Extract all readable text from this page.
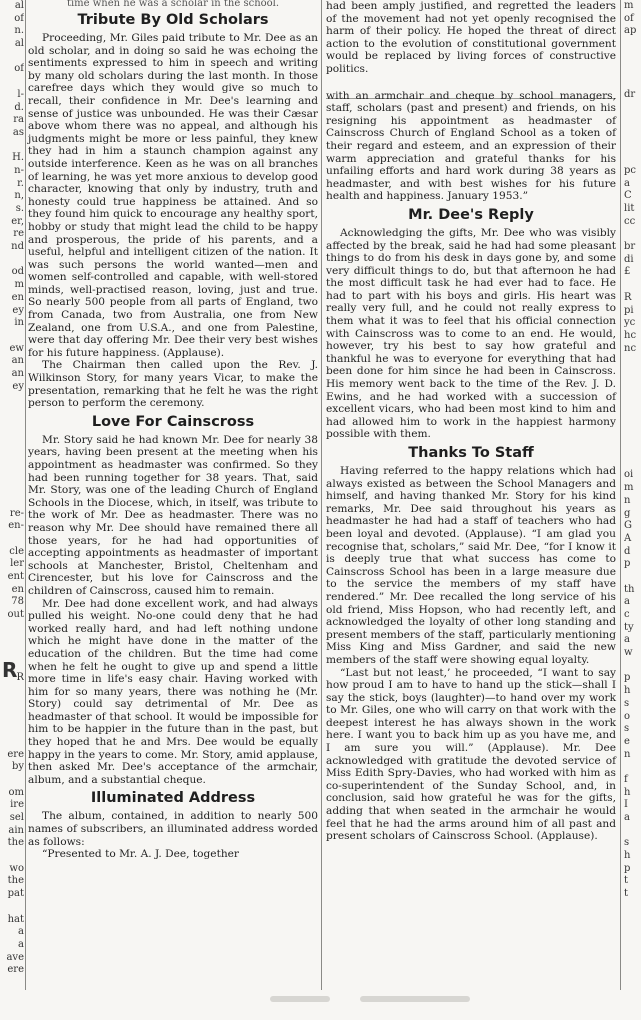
al
of
n.
al
of
l-
d.
ra
as
H.
n-
r.
n,
s.
er,
re
nd
od
m
en
ey
in
ew
an
an
ey
re-
en-
cle
ler
ent
en
78
out
R
ere
by
om
ire
sel
ain
the
wo
the
pat
hat
a
a
ave
ere
R
time when he was a scholar in the school.
Tribute By Old Scholars

Proceeding, Mr. Giles paid tribute to Mr. Dee as an old scholar, and in doing so said he was echoing the sentiments expressed to him in speech and writing by many old scholars during the last month. In those carefree days which they would give so much to recall, their confidence in Mr. Dee's learning and sense of justice was unbounded. He was their Cæsar above whom there was no appeal, and although his judgments might be more or less painful, they knew they had in him a staunch champion against any outside interference. Keen as he was on all branches of learning, he was yet more anxious to develop good character, knowing that only by industry, truth and honesty could true happiness be attained. And so they found him quick to encourage any healthy sport, hobby or study that might lead the child to be happy and prosperous, the pride of his parents, and a useful, helpful and intelligent citizen of the nation. It was such persons the world wanted—men and women self-controlled and capable, with well-stored minds, well-practised reason, loving, just and true. So nearly 500 people from all parts of England, two from Canada, two from Australia, one from New Zealand, one from U.S.A., and one from Palestine, were that day offering Mr. Dee their very best wishes for his future happiness. (Applause).

The Chairman then called upon the Rev. J. Wilkinson Story, for many years Vicar, to make the presentation, remarking that he felt he was the right person to perform the ceremony.

Love For Cainscross

Mr. Story said he had known Mr. Dee for nearly 38 years, having been present at the meeting when his appointment as headmaster was confirmed. So they had been running together for 38 years. That, said Mr. Story, was one of the leading Church of England Schools in the Diocese, which, in itself, was tribute to the work of Mr. Dee as headmaster. There was no reason why Mr. Dee should have remained there all those years, for he had had opportunities of accepting appointments as headmaster of important schools at Manchester, Bristol, Cheltenham and Cirencester, but his love for Cainscross and the children of Cainscross, caused him to remain.

Mr. Dee had done excellent work, and had always pulled his weight. No-one could deny that he had worked really hard, and had left nothing undone which he might have done in the matter of the education of the children. But the time had come when he felt he ought to give up and spend a little more time in life's easy chair. Having worked with him for so many years, there was nothing he (Mr. Story) could say detrimental of Mr. Dee as headmaster of that school. It would be impossible for him to be happier in the future than in the past, but they hoped that he and Mrs. Dee would be equally happy in the years to come. Mr. Story, amid applause, then asked Mr. Dee's acceptance of the armchair, album, and a substantial cheque.

Illuminated Address

The album, contained, in addition to nearly 500 names of subscribers, an illuminated address worded as follows:

“Presented to Mr. A. J. Dee, together

had been amply justified, and regretted the leaders of the movement had not yet openly recognised the harm of their policy. He hoped the threat of direct action to the evolution of constitutional government would be replaced by living forces of constructive politics.

with an armchair and cheque by school managers, staff, scholars (past and present) and friends, on his resigning his appointment as headmaster of Cainscross Church of England School as a token of their regard and esteem, and an expression of their warm appreciation and grateful thanks for his unfailing efforts and hard work during 38 years as headmaster, and with best wishes for his future health and happiness. January 1953.”

Mr. Dee's Reply

Acknowledging the gifts, Mr. Dee who was visibly affected by the break, said he had had some pleasant things to do from his desk in days gone by, and some very difficult things to do, but that afternoon he had the most difficult task he had ever had to face. He had to part with his boys and girls. His heart was really very full, and he could not really express to them what it was to feel that his official connection with Cainscross was to come to an end. He would, however, try his best to say how grateful and thankful he was to everyone for everything that had been done for him since he had been in Cainscross. His memory went back to the time of the Rev. J. D. Ewins, and he had worked with a succession of excellent vicars, who had been most kind to him and had allowed him to work in the happiest harmony possible with them.

Thanks To Staff

Having referred to the happy relations which had always existed as between the School Managers and himself, and having thanked Mr. Story for his kind remarks, Mr. Dee said throughout his years as headmaster he had had a staff of teachers who had been loyal and devoted. (Applause). “I am glad you recognise that, scholars,” said Mr. Dee, “for I know it is deeply true that what success has come to Cainscross School has been in a large measure due to the service the members of my staff have rendered.” Mr. Dee recalled the long service of his old friend, Miss Hopson, who had recently left, and acknowledged the loyalty of other long standing and present members of the staff, particularly mentioning Miss King and Miss Gardner, and said the new members of the staff were showing equal loyalty.

“Last but not least,’ he proceeded, “I want to say how proud I am to have to hand up the stick—shall I say the stick, boys (laughter)—to hand over my work to Mr. Giles, one who will carry on that work with the deepest interest he has always shown in the work here. I want you to back him up as you have me, and I am sure you will.” (Applause). Mr. Dee acknowledged with gratitude the devoted service of Miss Edith Spry-Davies, who had worked with him as co-superintendent of the Sunday School, and, in conclusion, said how grateful he was for the gifts, adding that when seated in the armchair he would feel that he had the arms around him of all past and present scholars of Cainscross School. (Applause).

m
of
ap
dr
pc
a
C
lit
cc
br
di
£
R
pi
yc
hc
nc
oi
m
n
g
G
A
d
p
th
a
c
ty
a
w
p
h
s
o
s
e
n
f
h
I
a
s
h
p
t
t
